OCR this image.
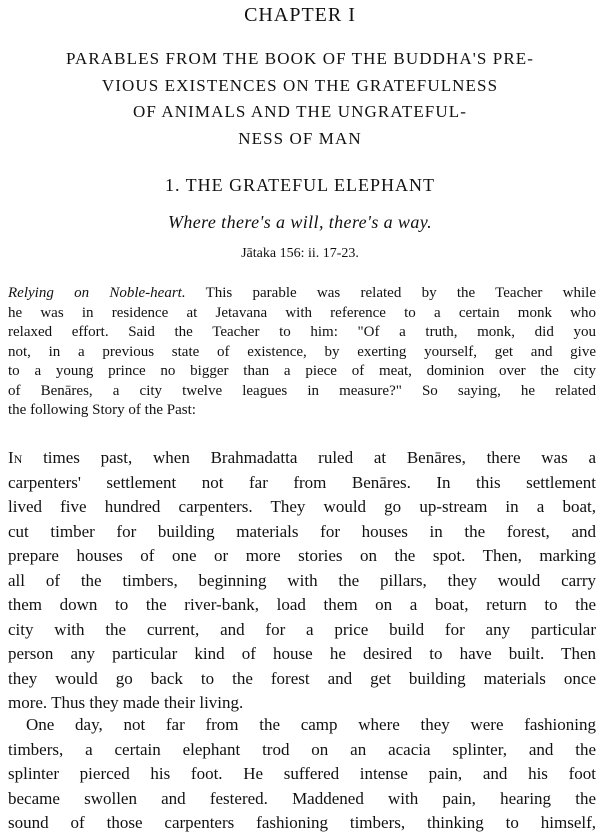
CHAPTER I
PARABLES FROM THE BOOK OF THE BUDDHA'S PRE-
VIOUS EXISTENCES ON THE GRATEFULNESS
OF ANIMALS AND THE UNGRATEFUL-
NESS OF MAN
1. THE GRATEFUL ELEPHANT
Where there's a will, there's a way.
Jātaka 156: ii. 17-23.
Relying on Noble-heart. This parable was related by the Teacher while
he was in residence at Jetavana with reference to a certain monk who
relaxed effort. Said the Teacher to him: "Of a truth, monk, did you
not, in a previous state of existence, by exerting yourself, get and give
to a young prince no bigger than a piece of meat, dominion over the city
of Benāres, a city twelve leagues in measure?" So saying, he related
the following Story of the Past:
In times past, when Brahmadatta ruled at Benāres, there was a
carpenters' settlement not far from Benāres. In this settlement
lived five hundred carpenters. They would go up-stream in a boat,
cut timber for building materials for houses in the forest, and
prepare houses of one or more stories on the spot. Then, marking
all of the timbers, beginning with the pillars, they would carry
them down to the river-bank, load them on a boat, return to the
city with the current, and for a price build for any particular
person any particular kind of house he desired to have built. Then
they would go back to the forest and get building materials once
more. Thus they made their living.
One day, not far from the camp where they were fashioning
timbers, a certain elephant trod on an acacia splinter, and the
splinter pierced his foot. He suffered intense pain, and his foot
became swollen and festered. Maddened with pain, hearing the
sound of those carpenters fashioning timbers, thinking to himself,
